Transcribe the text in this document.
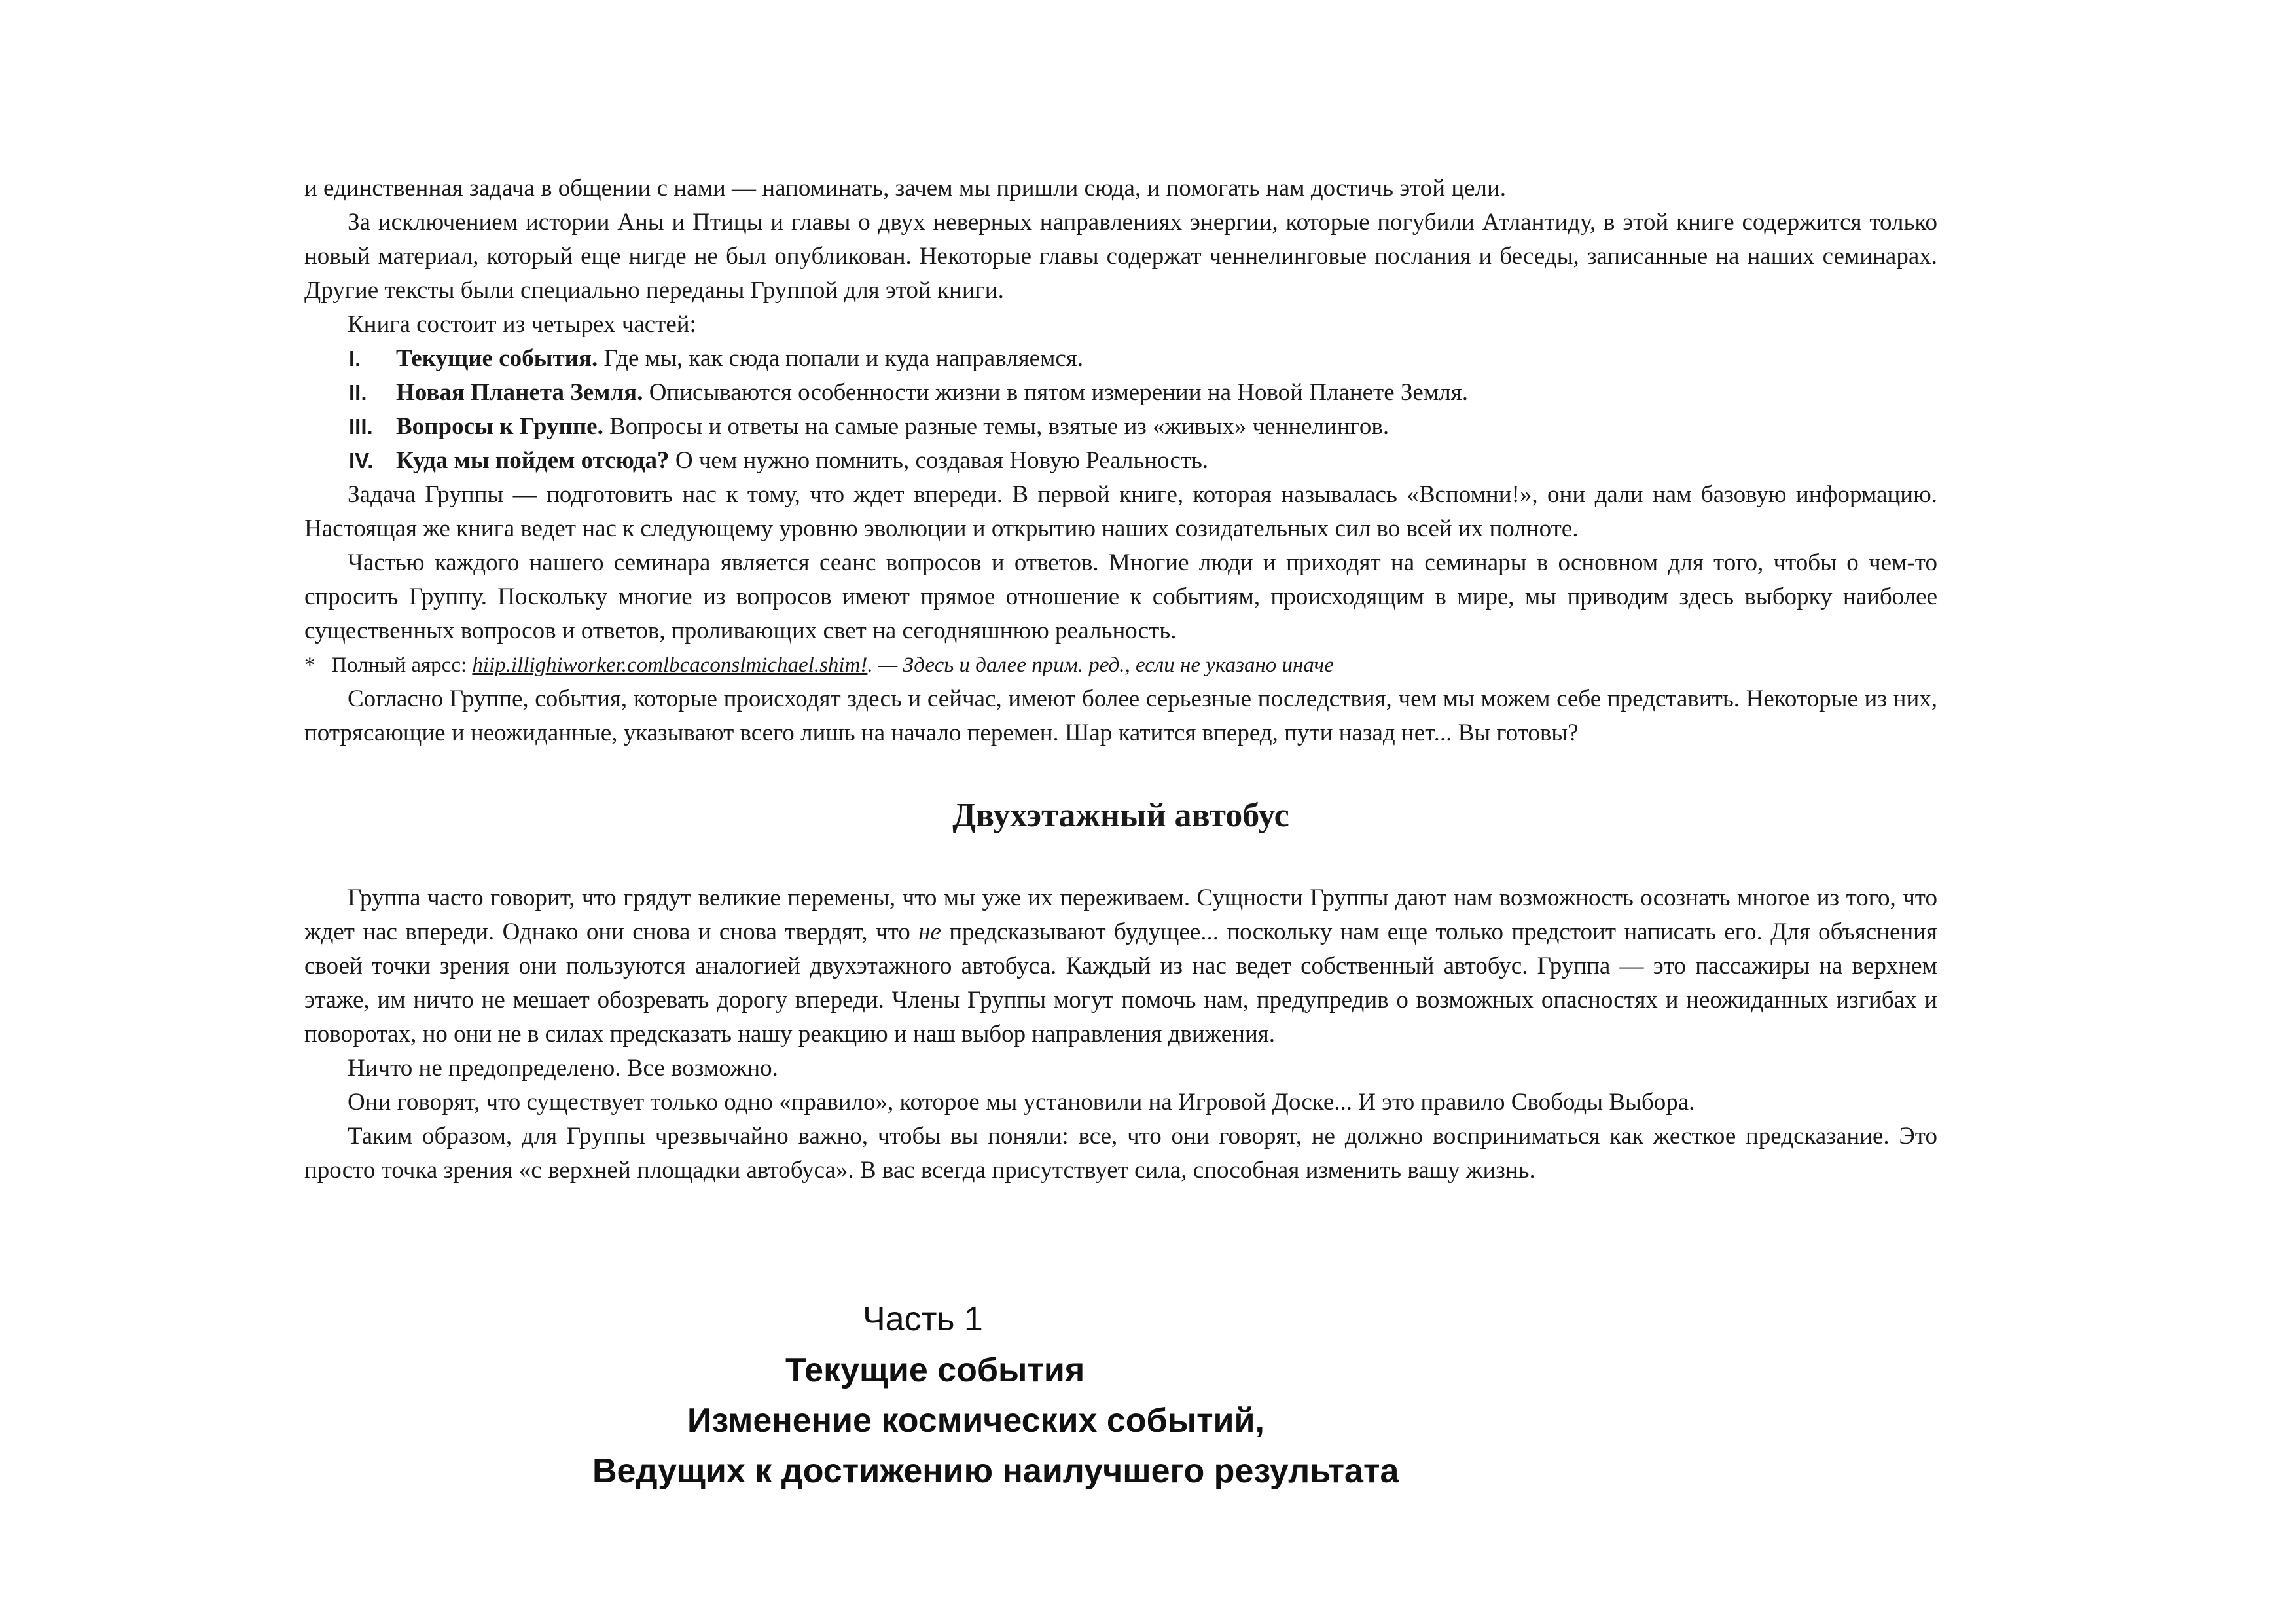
и единственная задача в общении с нами — напоминать, зачем мы пришли сюда, и помогать нам достичь этой цели.

За исключением истории Аны и Птицы и главы о двух неверных направлениях энергии, которые погубили Атлантиду, в этой книге содержится только новый материал, который еще нигде не был опубликован. Некоторые главы содержат ченнелинговые послания и беседы, записанные на наших семинарах. Другие тексты были специально переданы Группой для этой книги.

Книга состоит из четырех частей:

I. Текущие события. Где мы, как сюда попали и куда направляемся.
II. Новая Планета Земля. Описываются особенности жизни в пятом измерении на Новой Планете Земля.
III. Вопросы к Группе. Вопросы и ответы на самые разные темы, взятые из «живых» ченнелингов.
IV. Куда мы пойдем отсюда? О чем нужно помнить, создавая Новую Реальность.

Задача Группы — подготовить нас к тому, что ждет впереди. В первой книге, которая называлась «Вспомни!», они дали нам базовую информацию. Настоящая же книга ведет нас к следующему уровню эволюции и открытию наших созидательных сил во всей их полноте.

Частью каждого нашего семинара является сеанс вопросов и ответов. Многие люди и приходят на семинары в основном для того, чтобы о чем-то спросить Группу. Поскольку многие из вопросов имеют прямое отношение к событиям, происходящим в мире, мы приводим здесь выборку наиболее существенных вопросов и ответов, проливающих свет на сегодняшнюю реальность.

* Полный аярсс: hiip.illighiworker.comlbcaconslmichael.shim!. — Здесь и далее прим. ред., если не указано иначе

Согласно Группе, события, которые происходят здесь и сейчас, имеют более серьезные последствия, чем мы можем себе представить. Некоторые из них, потрясающие и неожиданные, указывают всего лишь на начало перемен. Шар катится вперед, пути назад нет... Вы готовы?

Двухэтажный автобус

Группа часто говорит, что грядут великие перемены, что мы уже их переживаем. Сущности Группы дают нам возможность осознать многое из того, что ждет нас впереди. Однако они снова и снова твердят, что не предсказывают будущее... поскольку нам еще только предстоит написать его. Для объяснения своей точки зрения они пользуются аналогией двухэтажного автобуса. Каждый из нас ведет собственный автобус. Группа — это пассажиры на верхнем этаже, им ничто не мешает обозревать дорогу впереди. Члены Группы могут помочь нам, предупредив о возможных опасностях и неожиданных изгибах и поворотах, но они не в силах предсказать нашу реакцию и наш выбор направления движения.

Ничто не предопределено. Все возможно.

Они говорят, что существует только одно «правило», которое мы установили на Игровой Доске... И это правило Свободы Выбора.

Таким образом, для Группы чрезвычайно важно, чтобы вы поняли: все, что они говорят, не должно восприниматься как жесткое предсказание. Это просто точка зрения «с верхней площадки автобуса». В вас всегда присутствует сила, способная изменить вашу жизнь.

Часть 1
Текущие события
Изменение космических событий,
Ведущих к достижению наилучшего результата
